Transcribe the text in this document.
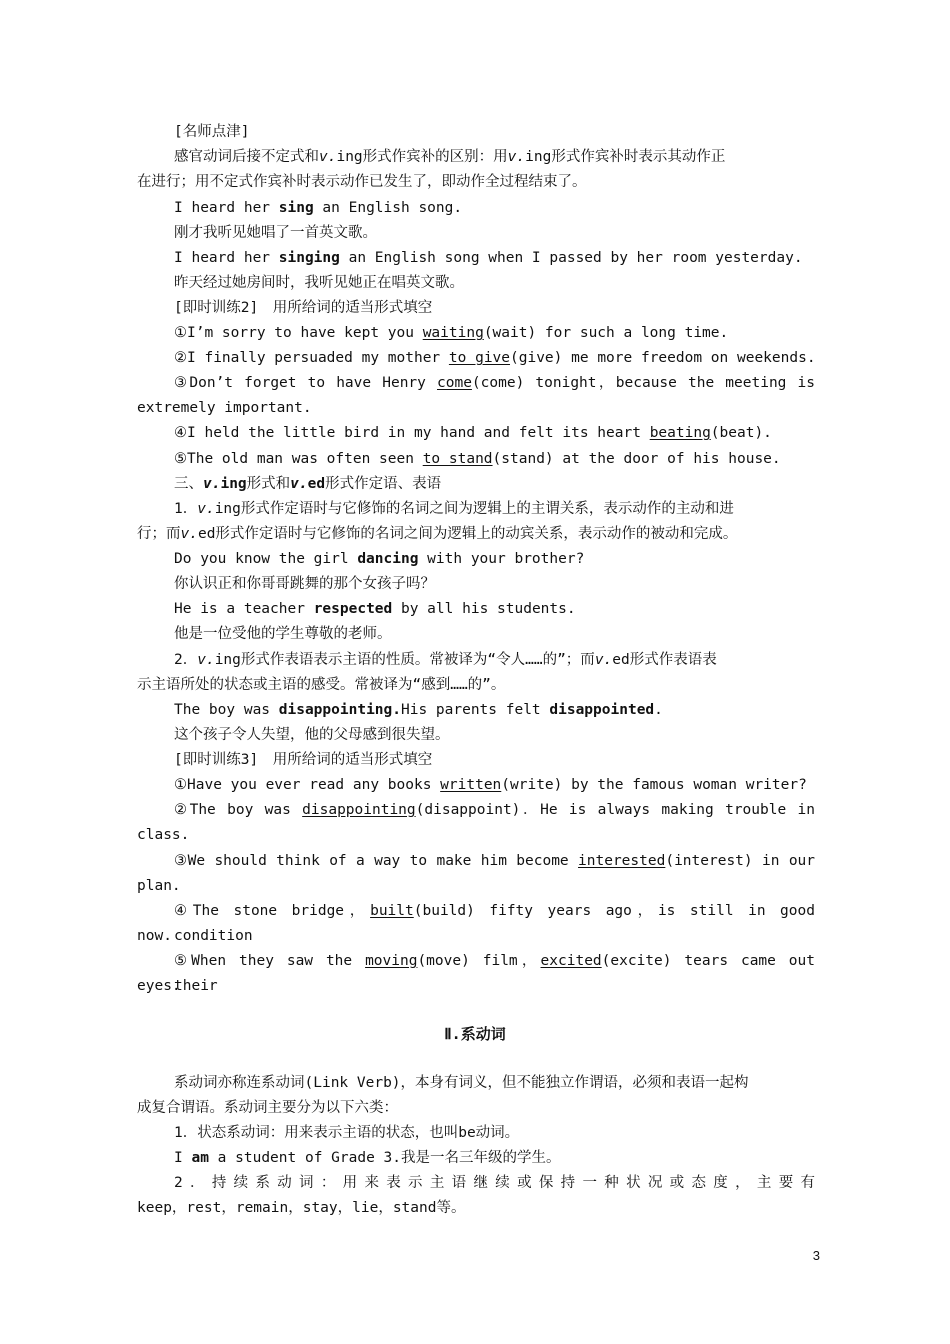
[名师点津]

感官动词后接不定式和v.ing形式作宾补的区别：用v.ing形式作宾补时表示其动作正

在进行；用不定式作宾补时表示动作已发生了，即动作全过程结束了。

I heard her sing an English song.

刚才我听见她唱了一首英文歌。

I heard her singing an English song when I passed by her room yesterday.

昨天经过她房间时，我听见她正在唱英文歌。

[即时训练2]　用所给词的适当形式填空

①I’m sorry to have kept you waiting(wait) for such a long time.

②I finally persuaded my mother to give(give) me more freedom on weekends.

③Don’t forget to have Henry come(come) tonight，because the meeting is

extremely important.

④I held the little bird in my hand and felt its heart beating(beat).

⑤The old man was often seen to stand(stand) at the door of his house.

三、v.ing形式和v.ed形式作定语、表语

1．v.ing形式作定语时与它修饰的名词之间为逻辑上的主谓关系，表示动作的主动和进

行；而v.ed形式作定语时与它修饰的名词之间为逻辑上的动宾关系，表示动作的被动和完成。

Do you know the girl dancing with your brother?

你认识正和你哥哥跳舞的那个女孩子吗？

He is a teacher respected by all his students.

他是一位受他的学生尊敬的老师。

2．v.ing形式作表语表示主语的性质。常被译为“令人……的”；而v.ed形式作表语表

示主语所处的状态或主语的感受。常被译为“感到……的”。

The boy was disappointing.His parents felt disappointed.

这个孩子令人失望，他的父母感到很失望。

[即时训练3]　用所给词的适当形式填空

①Have you ever read any books written(write) by the famous woman writer?

②The boy was disappointing(disappoint)．He is always making trouble in

class.

③We should think of a way to make him become interested(interest) in our

plan.

④The stone bridge，built(build) fifty years ago，is still in good condition

now.

⑤When they saw the moving(move) film，excited(excite) tears came out their

eyes.

Ⅱ.系动词

系动词亦称连系动词(Link Verb)，本身有词义，但不能独立作谓语，必须和表语一起构

成复合谓语。系动词主要分为以下六类：

1．状态系动词：用来表示主语的状态，也叫be动词。

I am a student of Grade 3.我是一名三年级的学生。

2．持续系动词：用来表示主语继续或保持一种状况或态度，主要有

keep，rest，remain，stay，lie，stand等。

3
